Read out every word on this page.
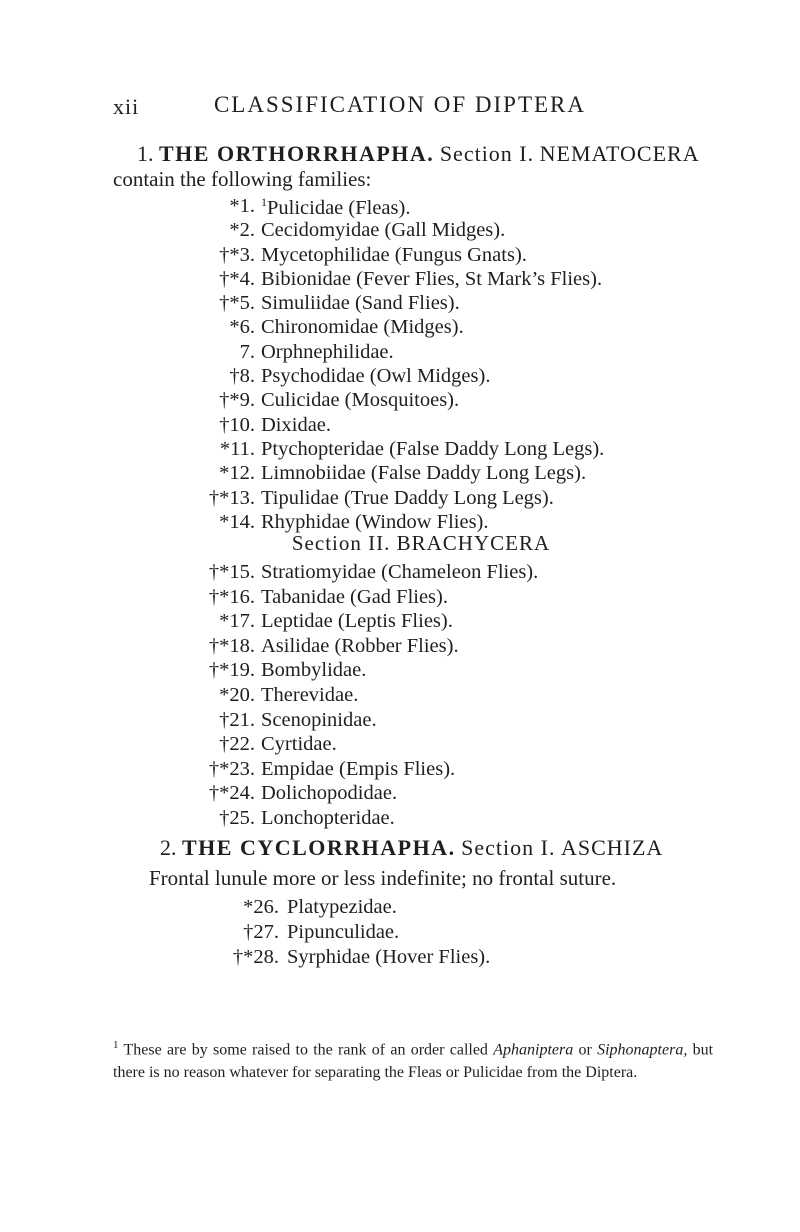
xii	CLASSIFICATION OF DIPTERA
1. THE ORTHORRHAPHA. Section I. NEMATOCERA
contain the following families:
*1. $^1$Pulicidae (Fleas).
*2. Cecidomyidae (Gall Midges).
†*3. Mycetophilidae (Fungus Gnats).
†*4. Bibionidae (Fever Flies, St Mark’s Flies).
†*5. Simuliidae (Sand Flies).
*6. Chironomidae (Midges).
7. Orphnephilidae.
†8. Psychodidae (Owl Midges).
†*9. Culicidae (Mosquitoes).
†10. Dixidae.
*11. Ptychopteridae (False Daddy Long Legs).
*12. Limnobiidae (False Daddy Long Legs).
†*13. Tipulidae (True Daddy Long Legs).
*14. Rhyphidae (Window Flies).
Section II. BRACHYCERA
†*15. Stratiomyidae (Chameleon Flies).
†*16. Tabanidae (Gad Flies).
*17. Leptidae (Leptis Flies).
†*18. Asilidae (Robber Flies).
†*19. Bombylidae.
*20. Therevidae.
†21. Scenopinidae.
†22. Cyrtidae.
†*23. Empidae (Empis Flies).
†*24. Dolichopodidae.
†25. Lonchopteridae.
2. THE CYCLORRHAPHA. Section I. ASCHIZA
Frontal lunule more or less indefinite; no frontal suture.
*26. Platypezidae.
†27. Pipunculidae.
†*28. Syrphidae (Hover Flies).
$^1$ These are by some raised to the rank of an order called Aphaniptera or Siphonaptera, but there is no reason whatever for separating the Fleas or Pulicidae from the Diptera.
